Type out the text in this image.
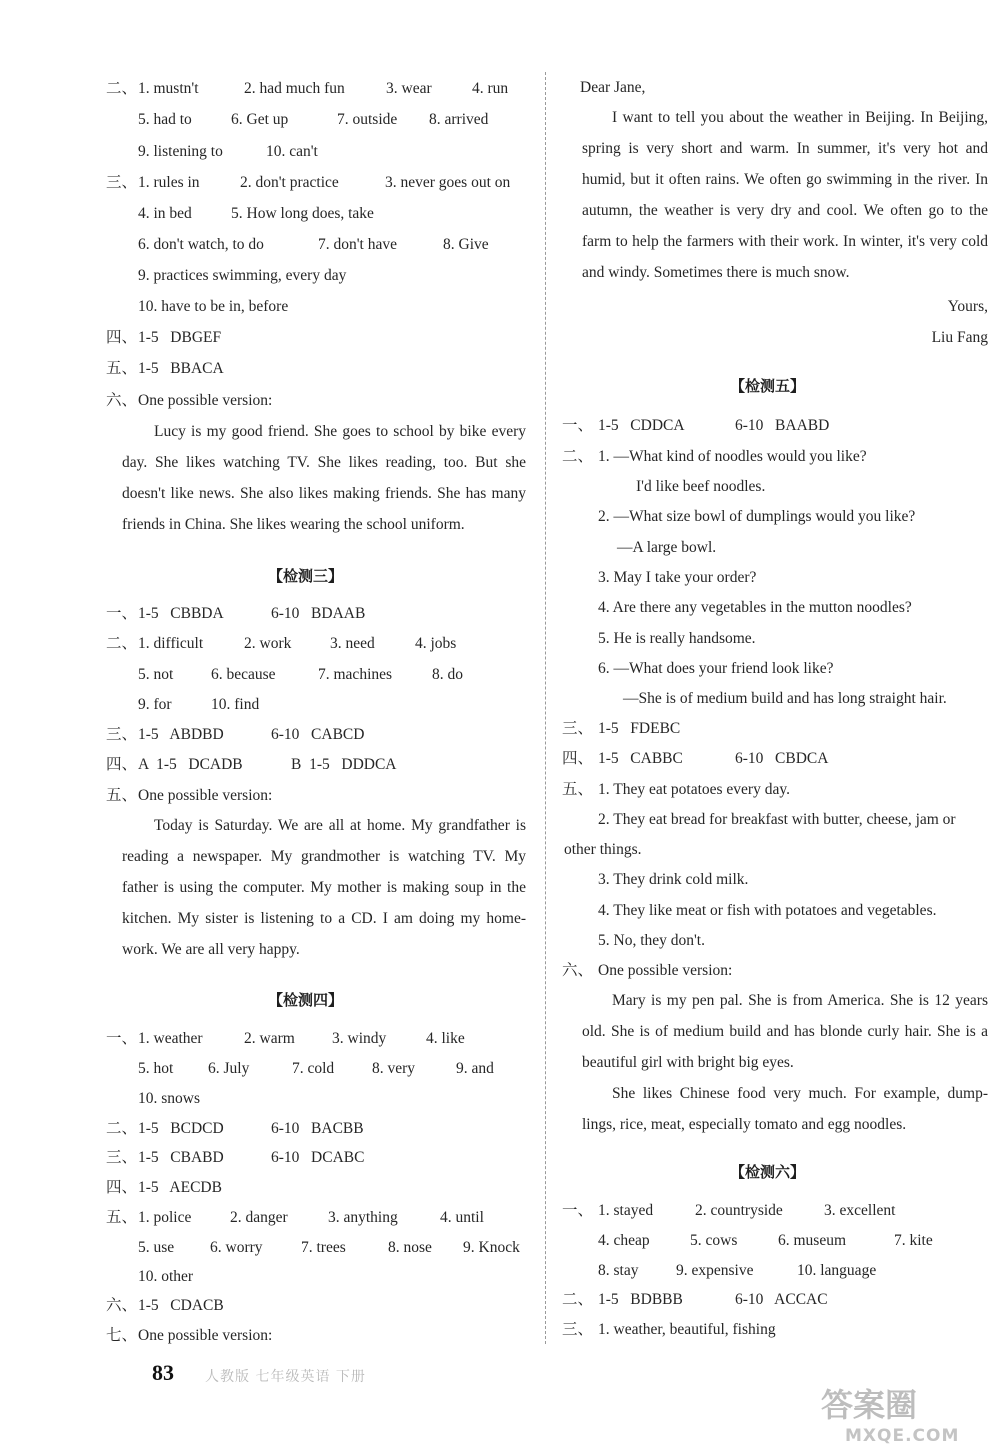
二、 1. mustn't	2. had much fun	3. wear	4. run
5. had to	6. Get up	7. outside 8. arrived
9. listening to	10. can't
三、 1. rules in	2. don't practice	3. never goes out on
4. in bed	5. How long does, take
6. don't watch, to do	7. don't have	8. Give
9. practices swimming, every day
10. have to be in, before
四、 1-5   DBGEF
五、 1-5   BBACA
六、 One possible version:
Lucy is my good friend. She goes to school by bike every day. She likes watching TV. She likes reading, too. But she doesn't like news. She also likes making friends. She has many friends in China. She likes wearing the school uniform.
【检测三】
一、 1-5   CBBDA	6-10   BDAAB
二、 1. difficult	2. work 3. need	4. jobs
5. not 6. because	7. machines	8. do
9. for	10. find
三、 1-5   ABDBD	6-10   CABCD
四、 A  1-5   DCADB	B  1-5   DDDCA
五、 One possible version:
Today is Saturday. We are all at home. My grandfather is reading a newspaper. My grandmother is watching TV. My father is using the computer. My mother is making soup in the kitchen. My sister is listening to a CD. I am doing my home-work. We are all very happy.
【检测四】
一、 1. weather	2. warm 3. windy	4. like
5. hot 6. July	7. cold 8. very	9. and
10. snows
二、 1-5   BCDCD	6-10   BACBB
三、 1-5   CBABD	6-10   DCABC
四、 1-5   AECDB
五、 1. police 2. danger	3. anything	4. until
5. use 6. worry 7. trees	8. nose 9. Knock
10. other
六、 1-5   CDACB
七、 One possible version:
Dear Jane,
I want to tell you about the weather in Beijing. In Beijing, spring is very short and warm. In summer, it's very hot and humid, but it often rains. We often go swimming in the river. In autumn, the weather is very dry and cool. We often go to the farm to help the farmers with their work. In winter, it's very cold and windy. Sometimes there is much snow.
Yours,
Liu Fang
【检测五】
一、 1-5   CDDCA	6-10   BAABD
二、 1. —What kind of noodles would you like?
I'd like beef noodles.
2. —What size bowl of dumplings would you like?
—A large bowl.
3. May I take your order?
4. Are there any vegetables in the mutton noodles?
5. He is really handsome.
6. —What does your friend look like?
—She is of medium build and has long straight hair.
三、 1-5   FDEBC
四、 1-5   CABBC	6-10   CBDCA
五、 1. They eat potatoes every day.
2. They eat bread for breakfast with butter, cheese, jam or
other things.
3. They drink cold milk.
4. They like meat or fish with potatoes and vegetables.
5. No, they don't.
六、 One possible version:
Mary is my pen pal. She is from America. She is 12 years old. She is of medium build and has blonde curly hair. She is a beautiful girl with bright big eyes.
She likes Chinese food very much. For example, dump-lings, rice, meat, especially tomato and egg noodles.
【检测六】
一、 1. stayed	2. countryside	3. excellent
4. cheap	5. cows	6. museum	7. kite
8. stay 9. expensive	10. language
二、 1-5   BDBBB	6-10   ACCAC
三、 1. weather, beautiful, fishing
83 人教版 七年级英语 下册
答案圈
MXQE.COM
